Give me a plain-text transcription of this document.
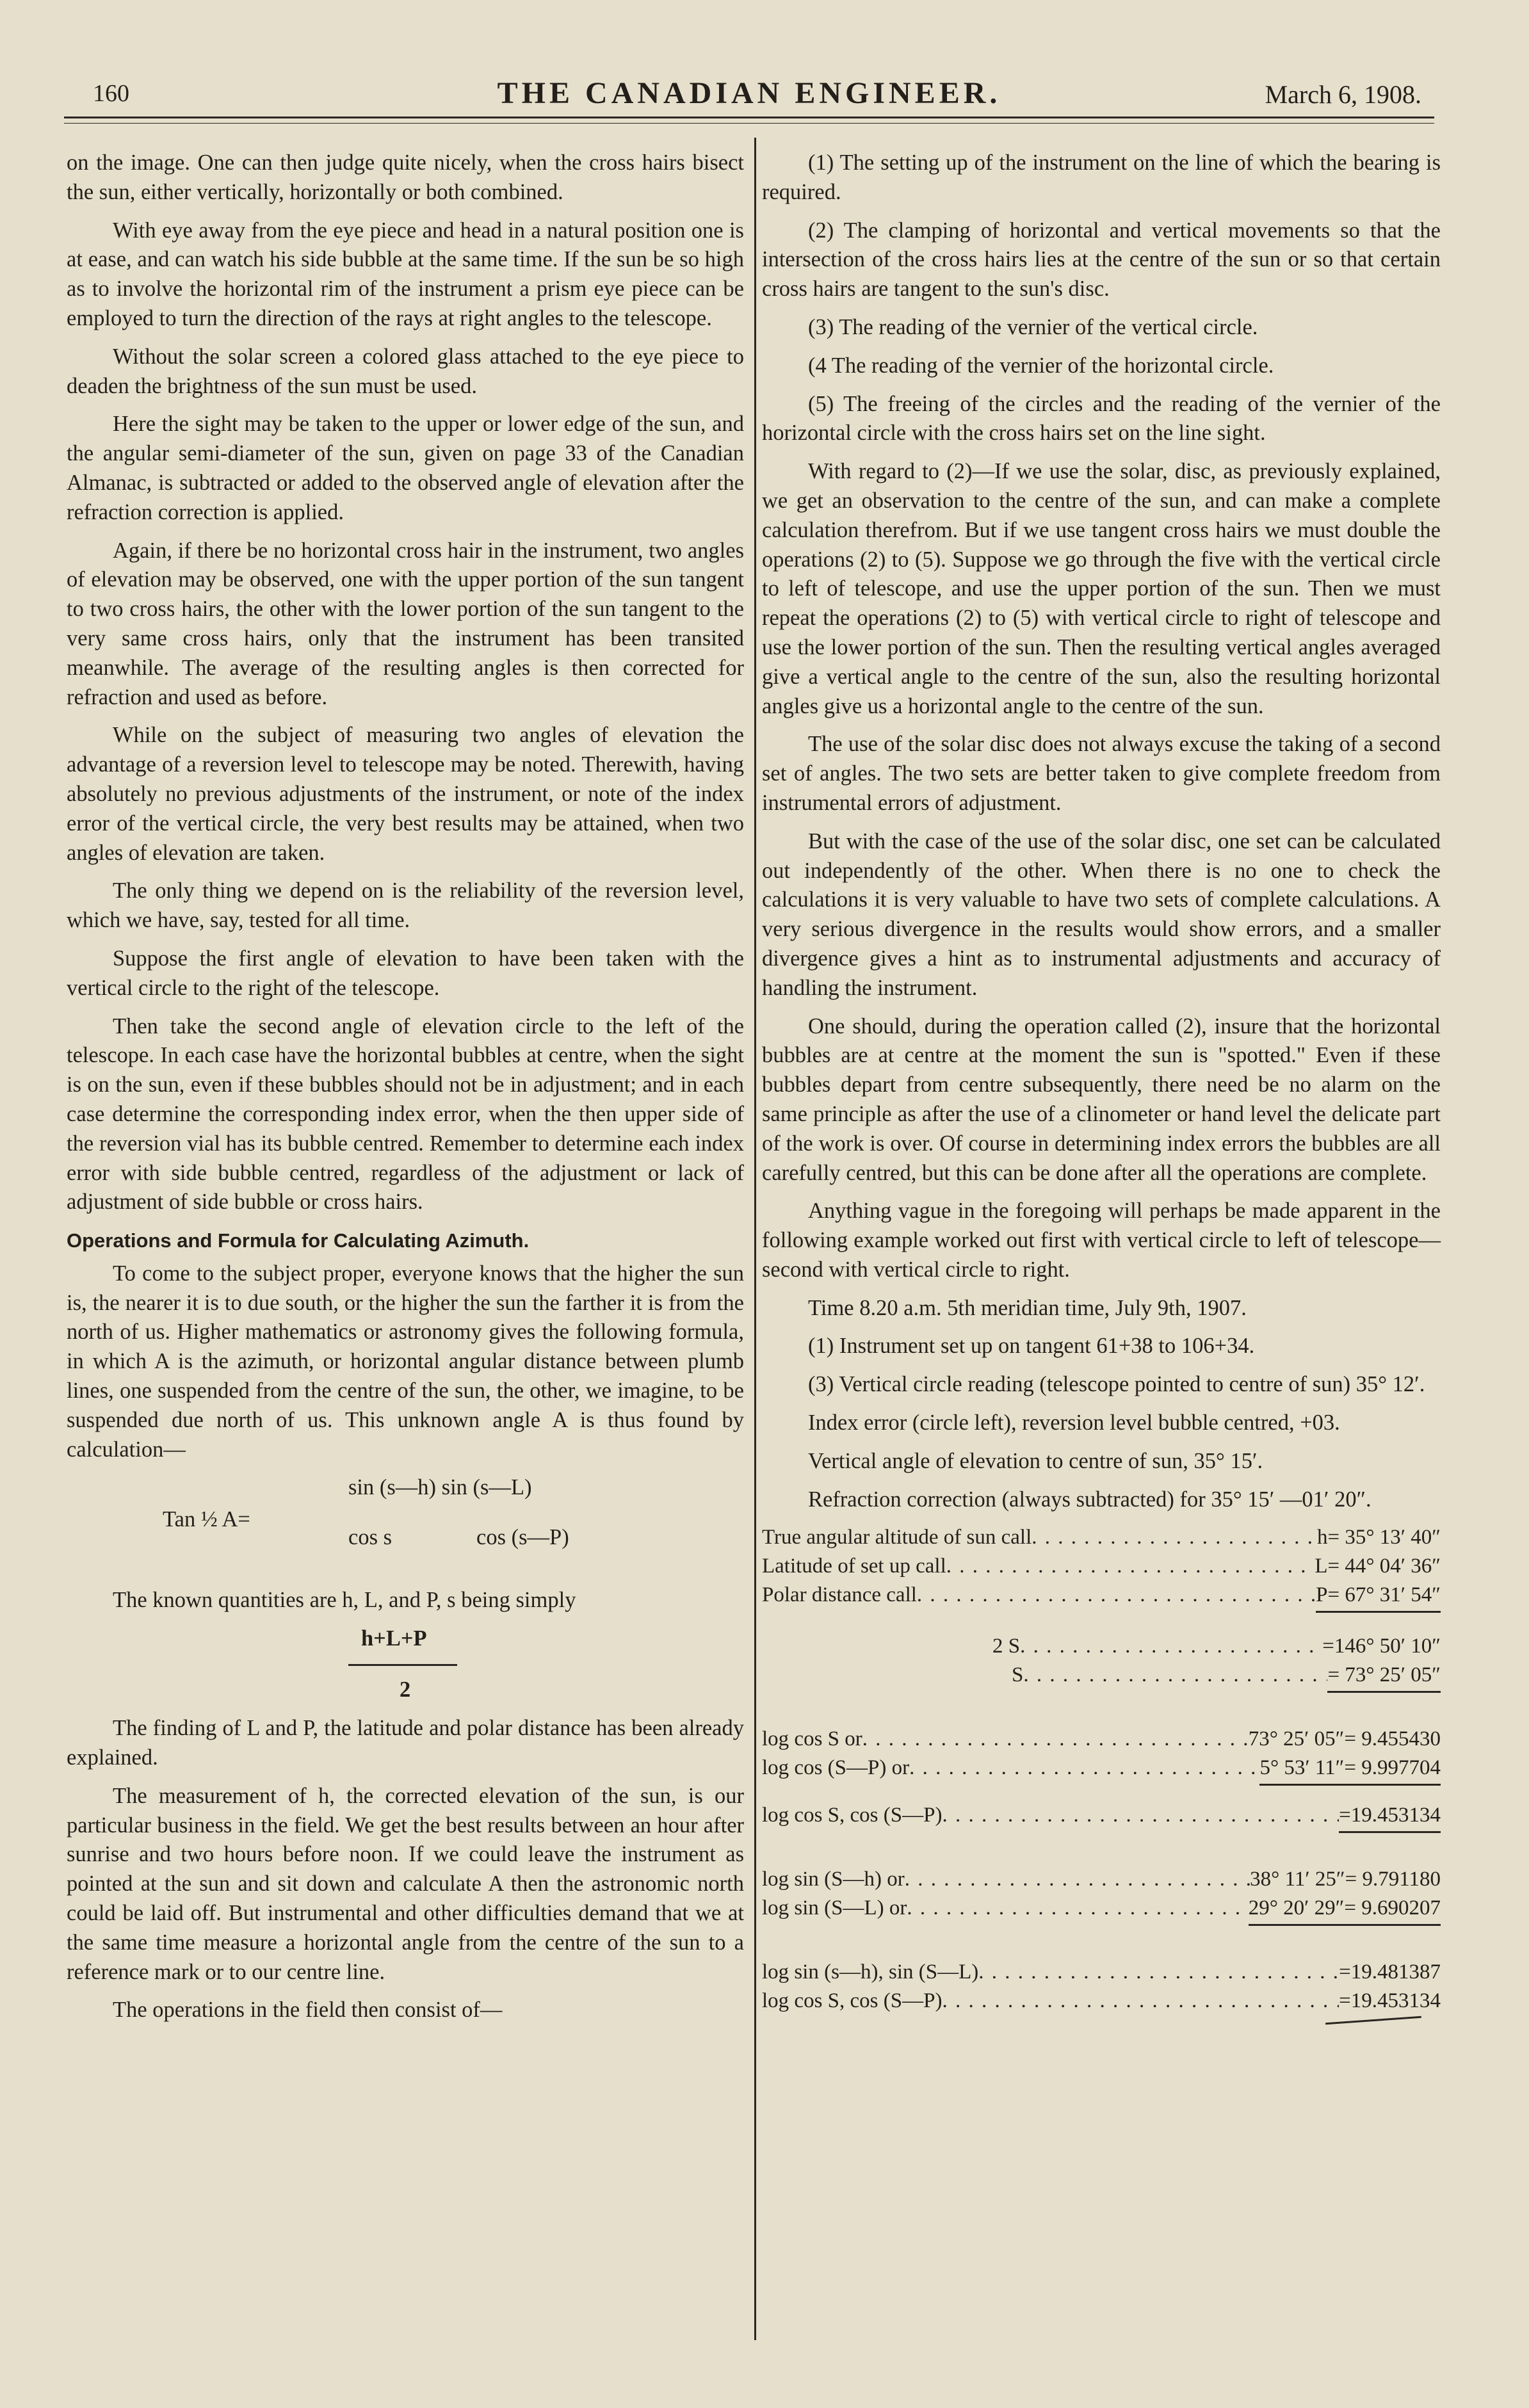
160	THE CANADIAN ENGINEER.	March 6, 1908.

on the image. One can then judge quite nicely, when the cross hairs bisect the sun, either vertically, horizontally or both combined.

With eye away from the eye piece and head in a natural position one is at ease, and can watch his side bubble at the same time. If the sun be so high as to involve the horizontal rim of the instrument a prism eye piece can be employed to turn the direction of the rays at right angles to the telescope.

Without the solar screen a colored glass attached to the eye piece to deaden the brightness of the sun must be used.

Here the sight may be taken to the upper or lower edge of the sun, and the angular semi-diameter of the sun, given on page 33 of the Canadian Almanac, is subtracted or added to the observed angle of elevation after the refraction correction is applied.

Again, if there be no horizontal cross hair in the instrument, two angles of elevation may be observed, one with the upper portion of the sun tangent to two cross hairs, the other with the lower portion of the sun tangent to the very same cross hairs, only that the instrument has been transited meanwhile. The average of the resulting angles is then corrected for refraction and used as before.

While on the subject of measuring two angles of elevation the advantage of a reversion level to telescope may be noted. Therewith, having absolutely no previous adjustments of the instrument, or note of the index error of the vertical circle, the very best results may be attained, when two angles of elevation are taken.

The only thing we depend on is the reliability of the reversion level, which we have, say, tested for all time.

Suppose the first angle of elevation to have been taken with the vertical circle to the right of the telescope.

Then take the second angle of elevation circle to the left of the telescope. In each case have the horizontal bubbles at centre, when the sight is on the sun, even if these bubbles should not be in adjustment; and in each case determine the corresponding index error, when the then upper side of the reversion vial has its bubble centred. Remember to determine each index error with side bubble centred, regardless of the adjustment or lack of adjustment of side bubble or cross hairs.

Operations and Formula for Calculating Azimuth.

To come to the subject proper, everyone knows that the higher the sun is, the nearer it is to due south, or the higher the sun the farther it is from the north of us. Higher mathematics or astronomy gives the following formula, in which A is the azimuth, or horizontal angular distance between plumb lines, one suspended from the centre of the sun, the other, we imagine, to be suspended due north of us. This unknown angle A is thus found by calculation—

Tan ½ A=
sin (s—h) sin (s—L)
cos s	cos (s—P)

The known quantities are h, L, and P, s being simply

h+L+P
2

The finding of L and P, the latitude and polar distance has been already explained.

The measurement of h, the corrected elevation of the sun, is our particular business in the field. We get the best results between an hour after sunrise and two hours before noon. If we could leave the instrument as pointed at the sun and sit down and calculate A then the astronomic north could be laid off. But instrumental and other difficulties demand that we at the same time measure a horizontal angle from the centre of the sun to a reference mark or to our centre line.

The operations in the field then consist of—

(1) The setting up of the instrument on the line of which the bearing is required.

(2) The clamping of horizontal and vertical movements so that the intersection of the cross hairs lies at the centre of the sun or so that certain cross hairs are tangent to the sun's disc.

(3) The reading of the vernier of the vertical circle.

(4 The reading of the vernier of the horizontal circle.

(5) The freeing of the circles and the reading of the vernier of the horizontal circle with the cross hairs set on the line sight.

With regard to (2)—If we use the solar, disc, as previously explained, we get an observation to the centre of the sun, and can make a complete calculation therefrom. But if we use tangent cross hairs we must double the operations (2) to (5). Suppose we go through the five with the vertical circle to left of telescope, and use the upper portion of the sun. Then we must repeat the operations (2) to (5) with vertical circle to right of telescope and use the lower portion of the sun. Then the resulting vertical angles averaged give a vertical angle to the centre of the sun, also the resulting horizontal angles give us a horizontal angle to the centre of the sun.

The use of the solar disc does not always excuse the taking of a second set of angles. The two sets are better taken to give complete freedom from instrumental errors of adjustment.

But with the case of the use of the solar disc, one set can be calculated out independently of the other. When there is no one to check the calculations it is very valuable to have two sets of complete calculations. A very serious divergence in the results would show errors, and a smaller divergence gives a hint as to instrumental adjustments and accuracy of handling the instrument.

One should, during the operation called (2), insure that the horizontal bubbles are at centre at the moment the sun is "spotted." Even if these bubbles depart from centre subsequently, there need be no alarm on the same principle as after the use of a clinometer or hand level the delicate part of the work is over. Of course in determining index errors the bubbles are all carefully centred, but this can be done after all the operations are complete.

Anything vague in the foregoing will perhaps be made apparent in the following example worked out first with vertical circle to left of telescope—second with vertical circle to right.

Time 8.20 a.m. 5th meridian time, July 9th, 1907.

(1) Instrument set up on tangent 61+38 to 106+34.

(3) Vertical circle reading (telescope pointed to centre of sun) 35° 12′.

Index error (circle left), reversion level bubble centred, +03.

Vertical angle of elevation to centre of sun, 35° 15′.

Refraction correction (always subtracted) for 35° 15′ —01′ 20″.

True angular altitude of sun call . . .	h= 35° 13′ 40″
Latitude of set up call . . .	L= 44° 04′ 36″
Polar distance call . . .	P= 67° 31′ 54″
2 S . . .	=146° 50′ 10″
S . . .	= 73° 25′ 05″
log cos S or . . .	73° 25′ 05″= 9.455430
log cos (S—P) or . . .	5° 53′ 11″= 9.997704
log cos S, cos (S—P) . . .	=19.453134
log sin (S—h) or . . .	38° 11′ 25″= 9.791180
log sin (S—L) or . . .	29° 20′ 29″= 9.690207
log sin (s—h), sin (S—L) . . .	=19.481387
log cos S, cos (S—P) . . .	=19.453134
